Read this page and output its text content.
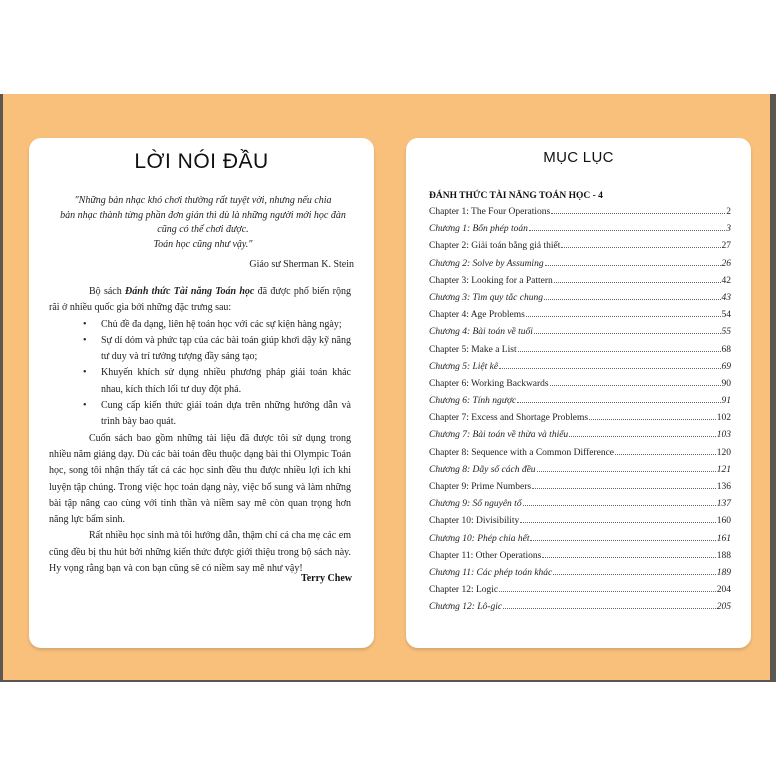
LỜI NÓI ĐẦU
"Những bản nhạc khó chơi thường rất tuyệt vời, nhưng nếu chia
bản nhạc thành từng phần đơn giản thì dù là những người mới học đàn
cũng có thể chơi được.
Toán học cũng như vậy."
Giáo sư Sherman K. Stein

Bộ sách Đánh thức Tài năng Toán học đã được phổ biến rộng rãi ở nhiều quốc gia bởi những đặc trưng sau:

• Chủ đề đa dạng, liên hệ toán học với các sự kiện hàng ngày;
• Sự dí dỏm và phức tạp của các bài toán giúp khơi dậy kỹ năng tư duy và trí tưởng tượng đầy sáng tạo;
• Khuyến khích sử dụng nhiều phương pháp giải toán khác nhau, kích thích lối tư duy đột phá.
• Cung cấp kiến thức giải toán dựa trên những hướng dẫn và trình bày bao quát.

Cuốn sách bao gồm những tài liệu đã được tôi sử dụng trong nhiều năm giảng dạy. Dù các bài toán đều thuộc dạng bài thi Olympic Toán học, song tôi nhận thấy tất cả các học sinh đều thu được nhiều lợi ích khi luyện tập chúng. Trong việc học toán dạng này, việc bổ sung và làm những bài tập nâng cao cùng với tinh thần và niềm say mê còn quan trọng hơn năng lực bẩm sinh.

Rất nhiều học sinh mà tôi hướng dẫn, thậm chí cả cha mẹ các em cũng đều bị thu hút bởi những kiến thức được giới thiệu trong bộ sách này. Hy vọng rằng bạn và con bạn cũng sẽ có niềm say mê như vậy!

Terry Chew
MỤC LỤC
ĐÁNH THỨC TÀI NĂNG TOÁN HỌC - 4
Chapter 1: The Four Operations	2
Chương 1: Bốn phép toán	3
Chapter 2: Giải toán bằng giả thiết	27
Chương 2: Solve by Assuming	26
Chapter 3: Looking for a Pattern	42
Chương 3: Tìm quy tắc chung	43
Chapter 4: Age Problems	54
Chương 4: Bài toán về tuổi	55
Chapter 5: Make a List	68
Chương 5: Liệt kê	69
Chapter 6: Working Backwards	90
Chương 6: Tính ngược	91
Chapter 7: Excess and Shortage Problems	102
Chương 7: Bài toán về thừa và thiếu	103
Chapter 8: Sequence with a Common Difference	120
Chương 8: Dãy số cách đều	121
Chapter 9: Prime Numbers	136
Chương 9: Số nguyên tố	137
Chapter 10: Divisibility	160
Chương 10: Phép chia hết	161
Chapter 11: Other Operations	188
Chương 11: Các phép toán khác	189
Chapter 12: Logic	204
Chương 12: Lô-gic	205
